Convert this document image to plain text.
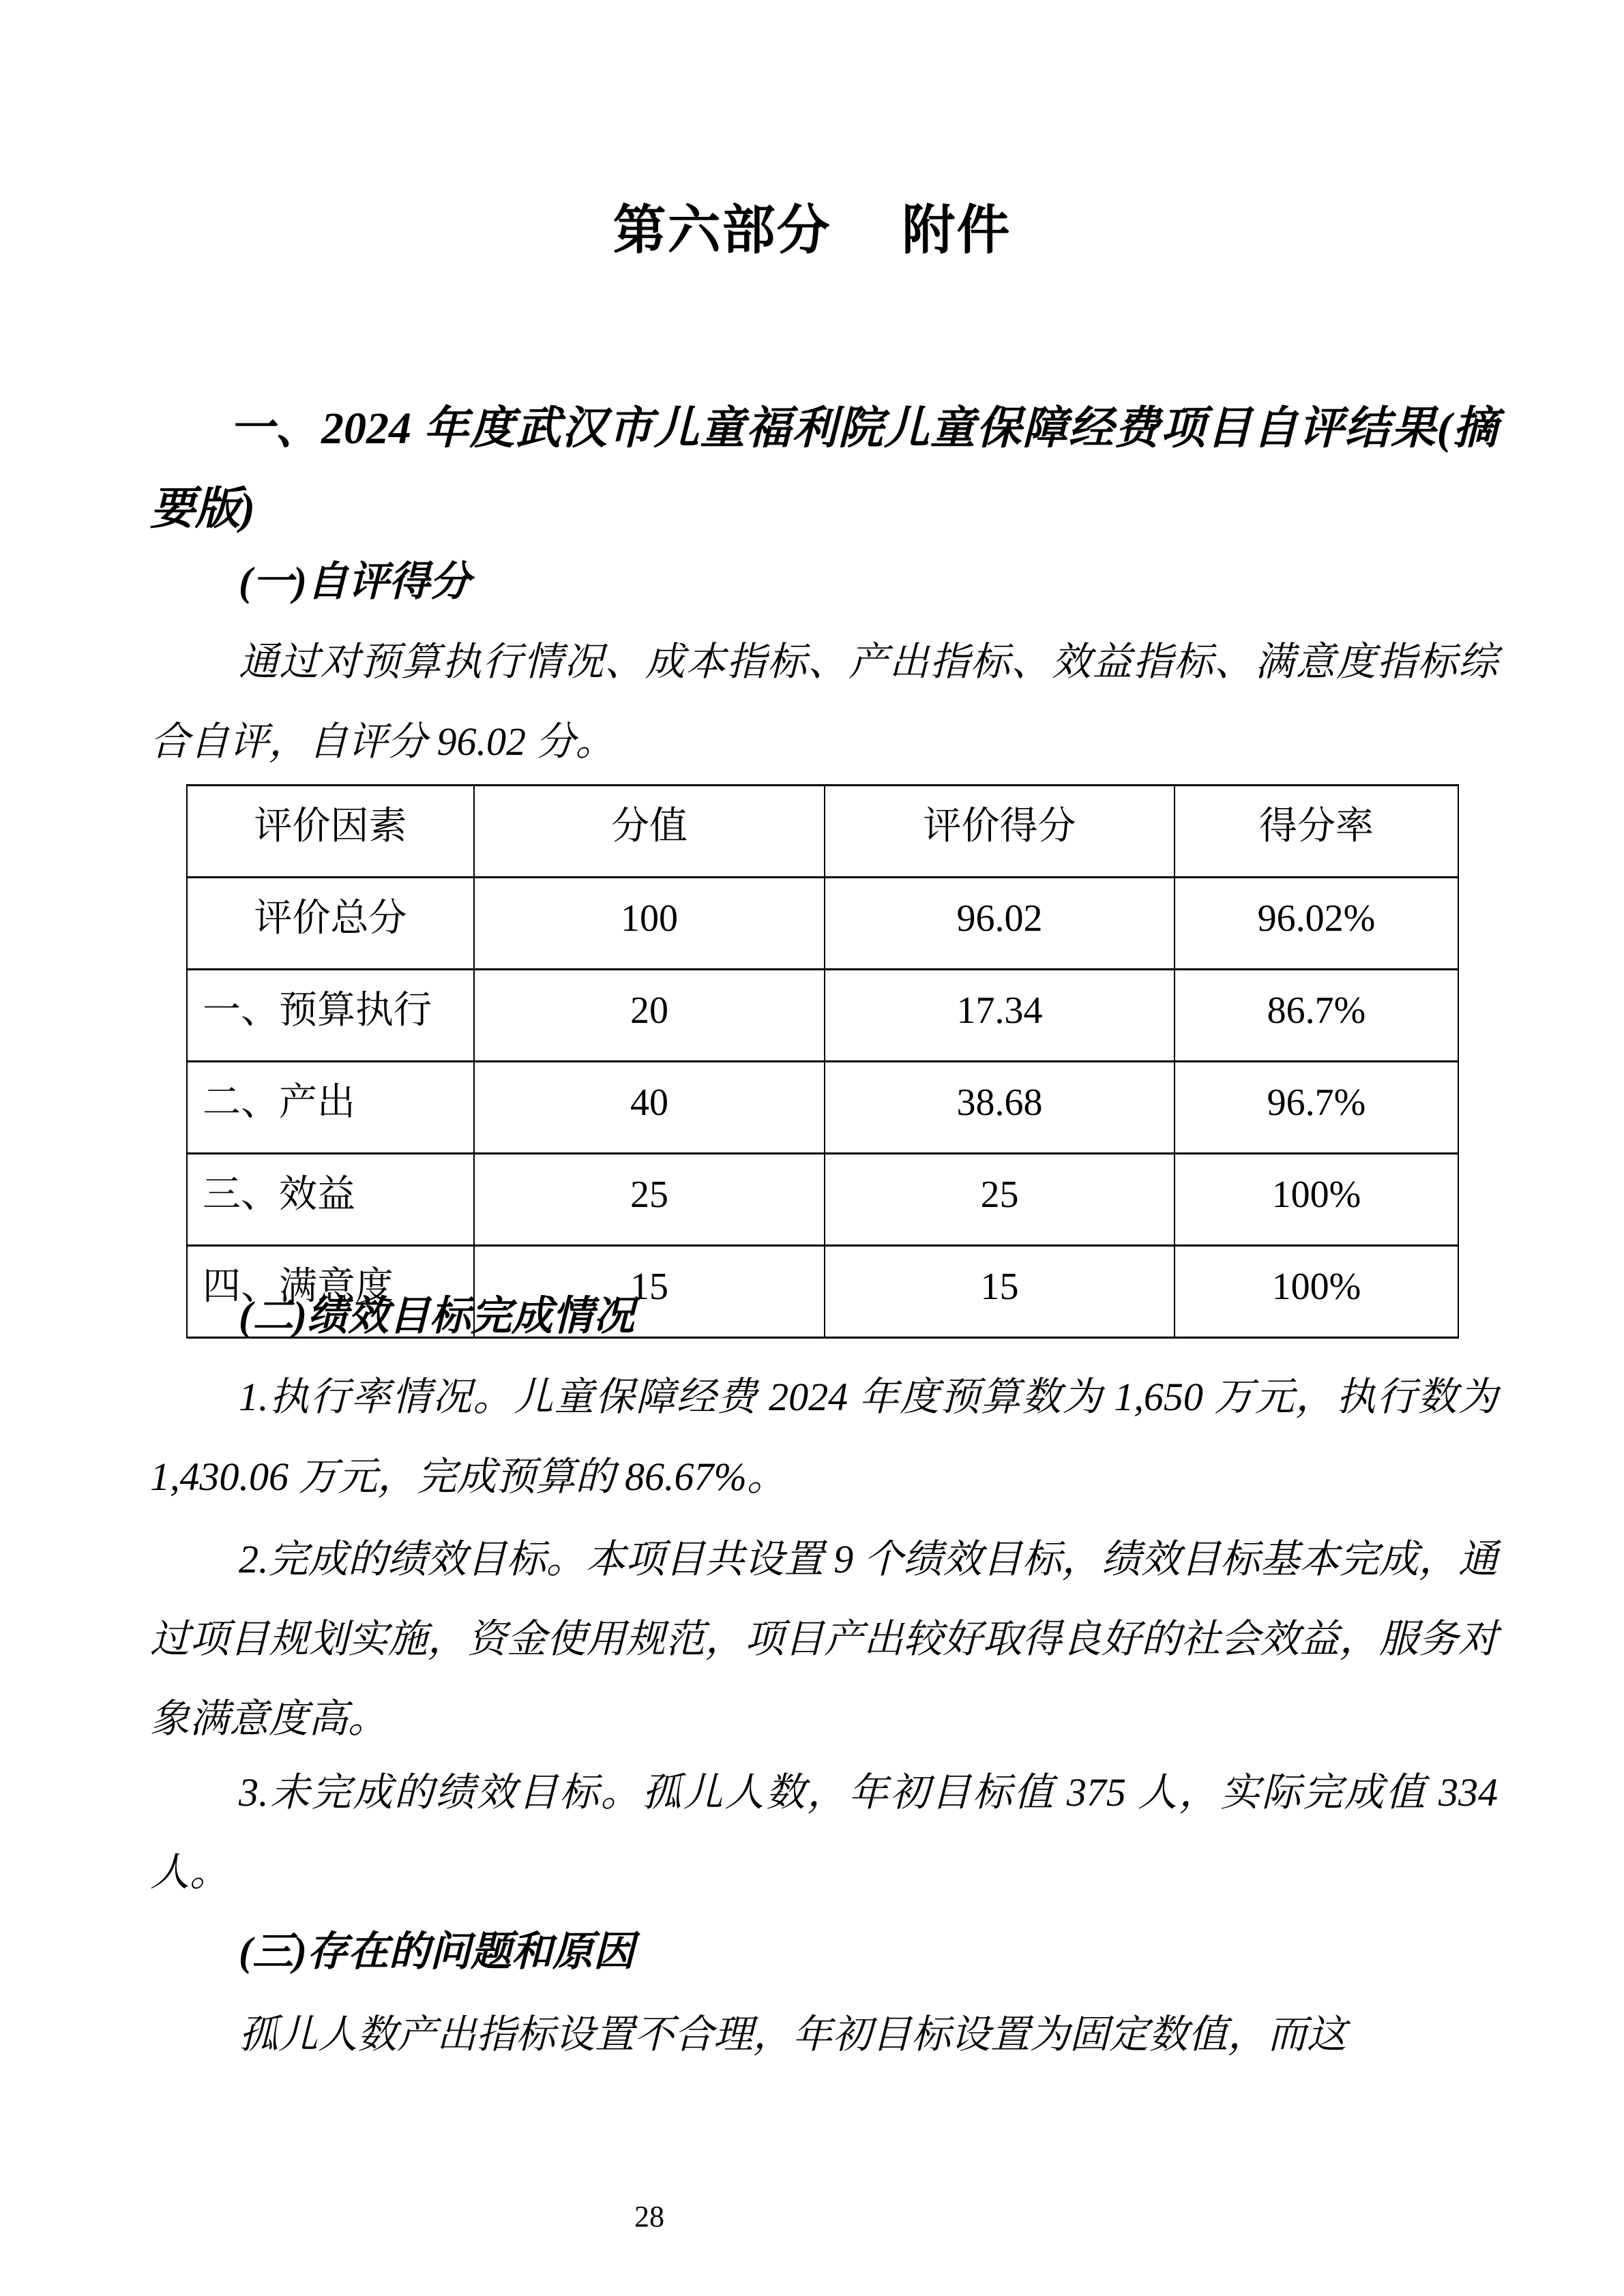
第六部分　 附件
一、2024 年度武汉市儿童福利院儿童保障经费项目自评结果(摘要版)
(一)自评得分
通过对预算执行情况、成本指标、产出指标、效益指标、满意度指标综合自评，自评分 96.02 分。
评价因素	分值	评价得分	得分率
评价总分	100	96.02	96.02%
一、预算执行	20	17.34	86.7%
二、产出	40	38.68	96.7%
三、效益	25	25	100%
四、满意度	15	15	100%
(二)绩效目标完成情况
1.执行率情况。儿童保障经费 2024 年度预算数为 1,650 万元，执行数为 1,430.06 万元，完成预算的 86.67%。
2.完成的绩效目标。本项目共设置 9 个绩效目标，绩效目标基本完成，通过项目规划实施，资金使用规范，项目产出较好取得良好的社会效益，服务对象满意度高。
3.未完成的绩效目标。孤儿人数，年初目标值 375 人，实际完成值 334 人。
(三)存在的问题和原因
孤儿人数产出指标设置不合理，年初目标设置为固定数值，而这
28
